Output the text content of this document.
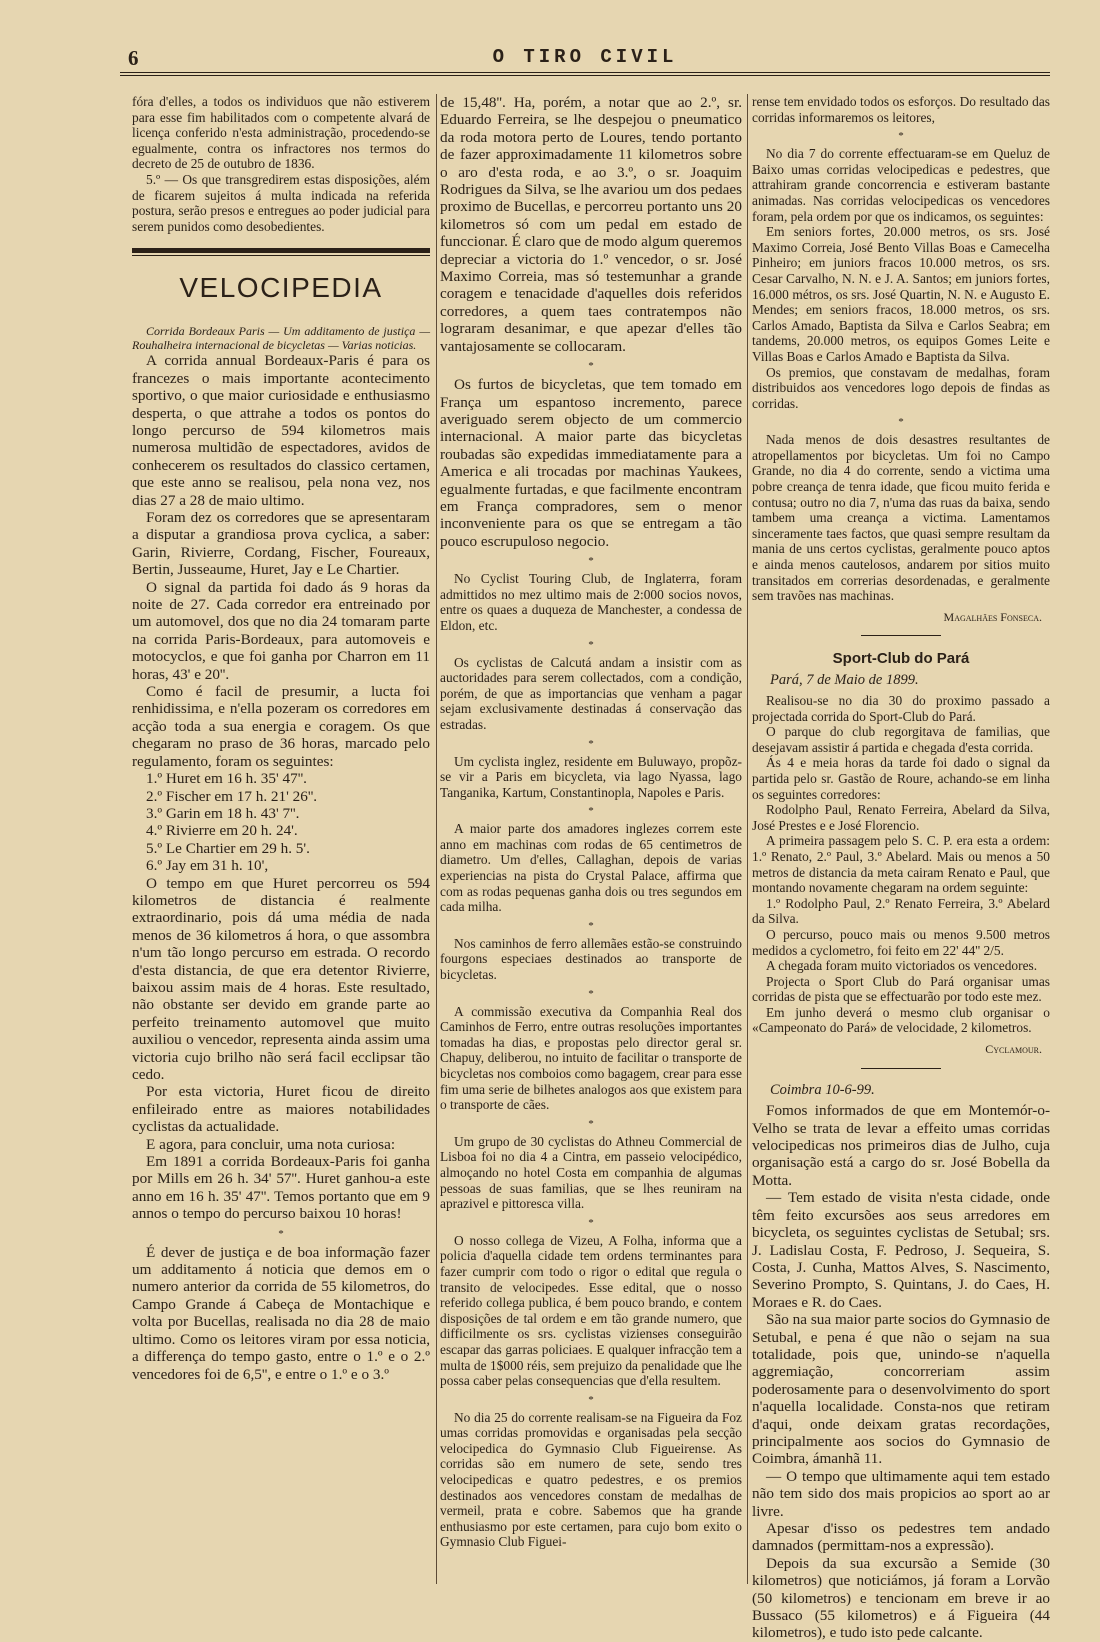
6	O TIRO CIVIL

fóra d'elles, a todos os individuos que não estiverem para esse fim habilitados com o competente alvará de licença conferido n'esta administração, procedendo-se egualmente, contra os infractores nos termos do decreto de 25 de outubro de 1836.

5.º — Os que transgredirem estas disposições, além de ficarem sujeitos á multa indicada na referida postura, serão presos e entregues ao poder judicial para serem punidos como desobedientes.

VELOCIPEDIA

Corrida Bordeaux Paris — Um additamento de justiça — Rouhalheira internacional de bicycletas — Varias noticias.

A corrida annual Bordeaux-Paris é para os francezes o mais importante acontecimento sportivo, o que maior curiosidade e enthusiasmo desperta, o que attrahe a todos os pontos do longo percurso de 594 kilometros mais numerosa multidão de espectadores, avidos de conhecerem os resultados do classico certamen, que este anno se realisou, pela nona vez, nos dias 27 a 28 de maio ultimo.

Foram dez os corredores que se apresentaram a disputar a grandiosa prova cyclica, a saber: Garin, Rivierre, Cordang, Fischer, Foureaux, Bertin, Jusseaume, Huret, Jay e Le Chartier.

O signal da partida foi dado ás 9 horas da noite de 27. Cada corredor era entreinado por um automovel, dos que no dia 24 tomaram parte na corrida Paris-Bordeaux, para automoveis e motocyclos, e que foi ganha por Charron em 11 horas, 43' e 20''.

Como é facil de presumir, a lucta foi renhidissima, e n'ella pozeram os corredores em acção toda a sua energia e coragem. Os que chegaram no praso de 36 horas, marcado pelo regulamento, foram os seguintes:

1.º Huret em 16 h. 35' 47''.
2.º Fischer em 17 h. 21' 26''.
3.º Garin em 18 h. 43' 7''.
4.º Rivierre em 20 h. 24'.
5.º Le Chartier em 29 h. 5'.
6.º Jay em 31 h. 10',

O tempo em que Huret percorreu os 594 kilometros de distancia é realmente extraordinario, pois dá uma média de nada menos de 36 kilometros á hora, o que assombra n'um tão longo percurso em estrada. O recordo d'esta distancia, de que era detentor Rivierre, baixou assim mais de 4 horas. Este resultado, não obstante ser devido em grande parte ao perfeito treinamento automovel que muito auxiliou o vencedor, representa ainda assim uma victoria cujo brilho não será facil ecclipsar tão cedo.

Por esta victoria, Huret ficou de direito enfileirado entre as maiores notabilidades cyclistas da actualidade.

E agora, para concluir, uma nota curiosa:

Em 1891 a corrida Bordeaux-Paris foi ganha por Mills em 26 h. 34' 57''. Huret ganhou-a este anno em 16 h. 35' 47''. Temos portanto que em 9 annos o tempo do percurso baixou 10 horas!

*

É dever de justiça e de boa informação fazer um additamento á noticia que demos em o numero anterior da corrida de 55 kilometros, do Campo Grande á Cabeça de Montachique e volta por Bucellas, realisada no dia 28 de maio ultimo. Como os leitores viram por essa noticia, a differença do tempo gasto, entre o 1.º e o 2.º vencedores foi de 6,5'', e entre o 1.º e o 3.º

de 15,48''. Ha, porém, a notar que ao 2.º, sr. Eduardo Ferreira, se lhe despejou o pneumatico da roda motora perto de Loures, tendo portanto de fazer approximadamente 11 kilometros sobre o aro d'esta roda, e ao 3.º, o sr. Joaquim Rodrigues da Silva, se lhe avariou um dos pedaes proximo de Bucellas, e percorreu portanto uns 20 kilometros só com um pedal em estado de funccionar. É claro que de modo algum queremos depreciar a victoria do 1.º vencedor, o sr. José Maximo Correia, mas só testemunhar a grande coragem e tenacidade d'aquelles dois referidos corredores, a quem taes contratempos não lograram desanimar, e que apezar d'elles tão vantajosamente se collocaram.

*

Os furtos de bicycletas, que tem tomado em França um espantoso incremento, parece averiguado serem objecto de um commercio internacional. A maior parte das bicycletas roubadas são expedidas immediatamente para a America e ali trocadas por machinas Yaukees, egualmente furtadas, e que facilmente encontram em França compradores, sem o menor inconveniente para os que se entregam a tão pouco escrupuloso negocio.

*

No Cyclist Touring Club, de Inglaterra, foram admittidos no mez ultimo mais de 2:000 socios novos, entre os quaes a duqueza de Manchester, a condessa de Eldon, etc.

*

Os cyclistas de Calcutá andam a insistir com as auctoridades para serem collectados, com a condição, porém, de que as importancias que venham a pagar sejam exclusivamente destinadas á conservação das estradas.

*

Um cyclista inglez, residente em Buluwayo, propõz-se vir a Paris em bicycleta, via lago Nyassa, lago Tanganika, Kartum, Constantinopla, Napoles e Paris.

*

A maior parte dos amadores inglezes correm este anno em machinas com rodas de 65 centimetros de diametro. Um d'elles, Callaghan, depois de varias experiencias na pista do Crystal Palace, affirma que com as rodas pequenas ganha dois ou tres segundos em cada milha.

*

Nos caminhos de ferro allemães estão-se construindo fourgons especiaes destinados ao transporte de bicycletas.

*

A commissão executiva da Companhia Real dos Caminhos de Ferro, entre outras resoluções importantes tomadas ha dias, e propostas pelo director geral sr. Chapuy, deliberou, no intuito de facilitar o transporte de bicycletas nos comboios como bagagem, crear para esse fim uma serie de bilhetes analogos aos que existem para o transporte de cães.

*

Um grupo de 30 cyclistas do Athneu Commercial de Lisboa foi no dia 4 a Cintra, em passeio velocipédico, almoçando no hotel Costa em companhia de algumas pessoas de suas familias, que se lhes reuniram na aprazivel e pittoresca villa.

*

O nosso collega de Vizeu, A Folha, informa que a policia d'aquella cidade tem ordens terminantes para fazer cumprir com todo o rigor o edital que regula o transito de velocipedes. Esse edital, que o nosso referido collega publica, é bem pouco brando, e contem disposições de tal ordem e em tão grande numero, que difficilmente os srs. cyclistas vizienses conseguirão escapar das garras policiaes. E qualquer infracção tem a multa de 1$000 réis, sem prejuizo da penalidade que lhe possa caber pelas consequencias que d'ella resultem.

*

No dia 25 do corrente realisam-se na Figueira da Foz umas corridas promovidas e organisadas pela secção velocipedica do Gymnasio Club Figueirense. As corridas são em numero de sete, sendo tres velocipedicas e quatro pedestres, e os premios destinados aos vencedores constam de medalhas de vermeil, prata e cobre. Sabemos que ha grande enthusiasmo por este certamen, para cujo bom exito o Gymnasio Club Figuei-

rense tem envidado todos os esforços. Do resultado das corridas informaremos os leitores,

*

No dia 7 do corrente effectuaram-se em Queluz de Baixo umas corridas velocipedicas e pedestres, que attrahiram grande concorrencia e estiveram bastante animadas. Nas corridas velocipedicas os vencedores foram, pela ordem por que os indicamos, os seguintes:

Em seniors fortes, 20.000 metros, os srs. José Maximo Correia, José Bento Villas Boas e Camecelha Pinheiro; em juniors fracos 10.000 metros, os srs. Cesar Carvalho, N. N. e J. A. Santos; em juniors fortes, 16.000 métros, os srs. José Quartin, N. N. e Augusto E. Mendes; em seniors fracos, 18.000 metros, os srs. Carlos Amado, Baptista da Silva e Carlos Seabra; em tandems, 20.000 metros, os equipos Gomes Leite e Villas Boas e Carlos Amado e Baptista da Silva.

Os premios, que constavam de medalhas, foram distribuidos aos vencedores logo depois de findas as corridas.

*

Nada menos de dois desastres resultantes de atropellamentos por bicycletas. Um foi no Campo Grande, no dia 4 do corrente, sendo a victima uma pobre creança de tenra idade, que ficou muito ferida e contusa; outro no dia 7, n'uma das ruas da baixa, sendo tambem uma creança a victima. Lamentamos sinceramente taes factos, que quasi sempre resultam da mania de uns certos cyclistas, geralmente pouco aptos e ainda menos cautelosos, andarem por sitios muito transitados em correrias desordenadas, e geralmente sem travões nas machinas.

Magalhães Fonseca.
Sport-Club do Pará
Pará, 7 de Maio de 1899.

Realisou-se no dia 30 do proximo passado a projectada corrida do Sport-Club do Pará.

O parque do club regorgitava de familias, que desejavam assistir á partida e chegada d'esta corrida.

Ás 4 e meia horas da tarde foi dado o signal da partida pelo sr. Gastão de Roure, achando-se em linha os seguintes corredores:

Rodolpho Paul, Renato Ferreira, Abelard da Silva, José Prestes e e José Florencio.

A primeira passagem pelo S. C. P. era esta a ordem: 1.º Renato, 2.º Paul, 3.º Abelard. Mais ou menos a 50 metros de distancia da meta cairam Renato e Paul, que montando novamente chegaram na ordem seguinte:

1.º Rodolpho Paul, 2.º Renato Ferreira, 3.º Abelard da Silva.

O percurso, pouco mais ou menos 9.500 metros medidos a cyclometro, foi feito em 22' 44'' 2/5.

A chegada foram muito victoriados os vencedores.

Projecta o Sport Club do Pará organisar umas corridas de pista que se effectuarão por todo este mez.

Em junho deverá o mesmo club organisar o «Campeonato do Pará» de velocidade, 2 kilometros.

Cyclamour.
Coimbra 10-6-99.

Fomos informados de que em Montemór-o-Velho se trata de levar a effeito umas corridas velocipedicas nos primeiros dias de Julho, cuja organisação está a cargo do sr. José Bobella da Motta.

— Tem estado de visita n'esta cidade, onde têm feito excursões aos seus arredores em bicycleta, os seguintes cyclistas de Setubal; srs. J. Ladislau Costa, F. Pedroso, J. Sequeira, S. Costa, J. Cunha, Mattos Alves, S. Nascimento, Severino Prompto, S. Quintans, J. do Caes, H. Moraes e R. do Caes.

São na sua maior parte socios do Gymnasio de Setubal, e pena é que não o sejam na sua totalidade, pois que, unindo-se n'aquella aggremiação, concorreriam assim poderosamente para o desenvolvimento do sport n'aquella localidade. Consta-nos que retiram d'aqui, onde deixam gratas recordações, principalmente aos socios do Gymnasio de Coimbra, ámanhã 11.

— O tempo que ultimamente aqui tem estado não tem sido dos mais propicios ao sport ao ar livre.

Apesar d'isso os pedestres tem andado damnados (permittam-nos a expressão).

Depois da sua excursão a Semide (30 kilometros) que noticiámos, já foram a Lorvão (50 kilometros) e tencionam em breve ir ao Bussaco (55 kilometros) e á Figueira (44 kilometros), e tudo isto pede calcante.
